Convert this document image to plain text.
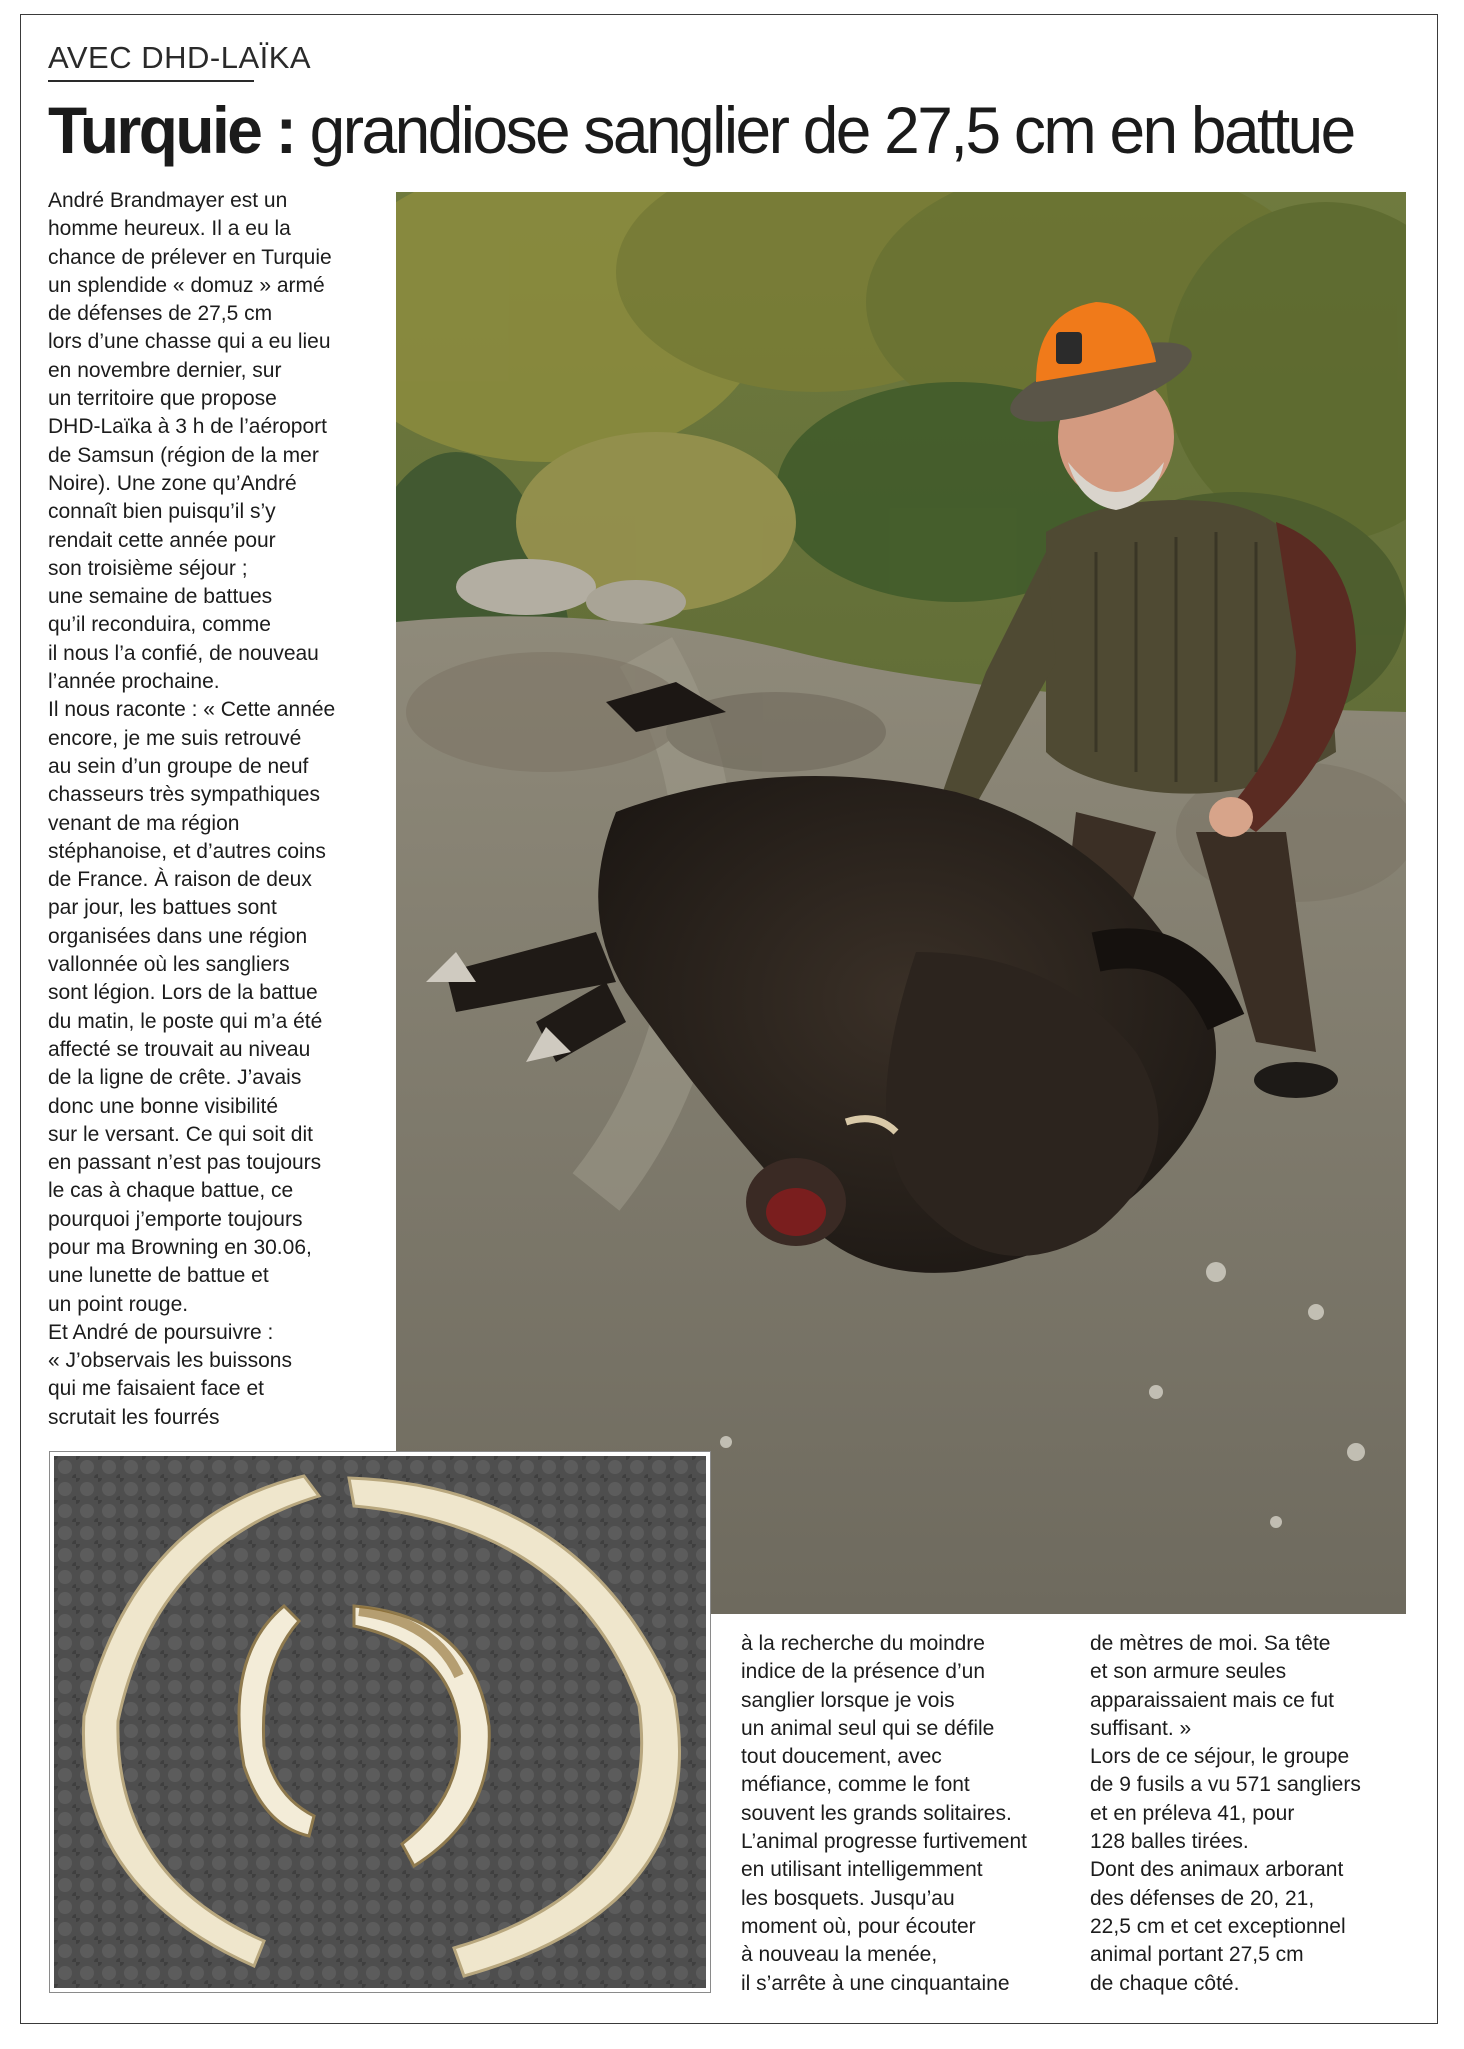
AVEC DHD-LAÏKA
Turquie : grandiose sanglier de 27,5 cm en battue

André Brandmayer est un

homme heureux. Il a eu la

chance de prélever en Turquie

un splendide « domuz » armé

de défenses de 27,5 cm

lors d’une chasse qui a eu lieu

en novembre dernier, sur

un territoire que propose

DHD-Laïka à 3 h de l’aéroport

de Samsun (région de la mer

Noire). Une zone qu’André

connaît bien puisqu’il s’y

rendait cette année pour

son troisième séjour ;

une semaine de battues

qu’il reconduira, comme

il nous l’a confié, de nouveau

l’année prochaine.

Il nous raconte : « Cette année

encore, je me suis retrouvé

au sein d’un groupe de neuf

chasseurs très sympathiques

venant de ma région

stéphanoise, et d’autres coins

de France. À raison de deux

par jour, les battues sont

organisées dans une région

vallonnée où les sangliers

sont légion. Lors de la battue

du matin, le poste qui m’a été

affecté se trouvait au niveau

de la ligne de crête. J’avais

donc une bonne visibilité

sur le versant. Ce qui soit dit

en passant n’est pas toujours

le cas à chaque battue, ce

pourquoi j’emporte toujours

pour ma Browning en 30.06,

une lunette de battue et

un point rouge.

Et André de poursuivre :

« J’observais les buissons

qui me faisaient face et

scrutait les fourrés

à la recherche du moindre

indice de la présence d’un

sanglier lorsque je vois

un animal seul qui se défile

tout doucement, avec

méfiance, comme le font

souvent les grands solitaires.

L’animal progresse furtivement

en utilisant intelligemment

les bosquets. Jusqu’au

moment où, pour écouter

à nouveau la menée,

il s’arrête à une cinquantaine

de mètres de moi. Sa tête

et son armure seules

apparaissaient mais ce fut

suffisant. »

Lors de ce séjour, le groupe

de 9 fusils a vu 571 sangliers

et en préleva 41, pour

128 balles tirées.

Dont des animaux arborant

des défenses de 20, 21,

22,5 cm et cet exceptionnel

animal portant 27,5 cm

de chaque côté.
